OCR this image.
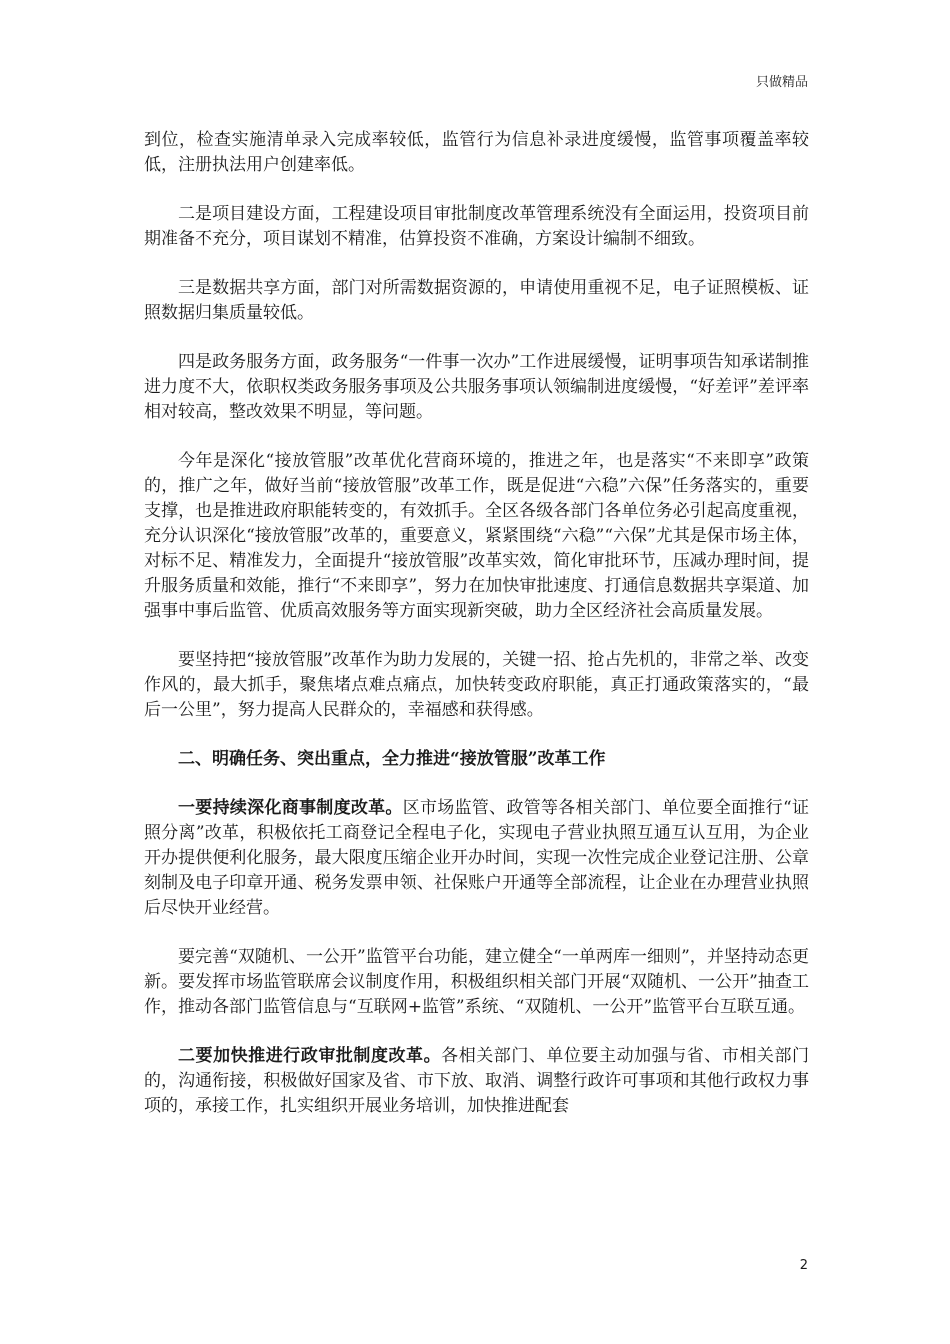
只做精品

到位，检查实施清单录入完成率较低，监管行为信息补录进度缓慢，监管事项覆盖率较低，注册执法用户创建率低。

二是项目建设方面，工程建设项目审批制度改革管理系统没有全面运用，投资项目前期准备不充分，项目谋划不精准，估算投资不准确，方案设计编制不细致。

三是数据共享方面，部门对所需数据资源的，申请使用重视不足，电子证照模板、证照数据归集质量较低。

四是政务服务方面，政务服务“一件事一次办”工作进展缓慢，证明事项告知承诺制推进力度不大，依职权类政务服务事项及公共服务事项认领编制进度缓慢，“好差评”差评率相对较高，整改效果不明显，等问题。

今年是深化“接放管服”改革优化营商环境的，推进之年，也是落实“不来即享”政策的，推广之年，做好当前“接放管服”改革工作，既是促进“六稳”六保”任务落实的，重要支撑，也是推进政府职能转变的，有效抓手。全区各级各部门各单位务必引起高度重视，充分认识深化“接放管服”改革的，重要意义，紧紧围绕“六稳”“六保”尤其是保市场主体，对标不足、精准发力，全面提升“接放管服”改革实效，简化审批环节，压减办理时间，提升服务质量和效能，推行“不来即享”，努力在加快审批速度、打通信息数据共享渠道、加强事中事后监管、优质高效服务等方面实现新突破，助力全区经济社会高质量发展。

要坚持把“接放管服”改革作为助力发展的，关键一招、抢占先机的，非常之举、改变作风的，最大抓手，聚焦堵点难点痛点，加快转变政府职能，真正打通政策落实的，“最后一公里”，努力提高人民群众的，幸福感和获得感。

二、明确任务、突出重点，全力推进“接放管服”改革工作

一要持续深化商事制度改革。区市场监管、政管等各相关部门、单位要全面推行“证照分离”改革，积极依托工商登记全程电子化，实现电子营业执照互通互认互用，为企业开办提供便利化服务，最大限度压缩企业开办时间，实现一次性完成企业登记注册、公章刻制及电子印章开通、税务发票申领、社保账户开通等全部流程，让企业在办理营业执照后尽快开业经营。

要完善“双随机、一公开”监管平台功能，建立健全“一单两库一细则”，并坚持动态更新。要发挥市场监管联席会议制度作用，积极组织相关部门开展“双随机、一公开”抽查工作，推动各部门监管信息与“互联网+监管”系统、“双随机、一公开”监管平台互联互通。

二要加快推进行政审批制度改革。各相关部门、单位要主动加强与省、市相关部门的，沟通衔接，积极做好国家及省、市下放、取消、调整行政许可事项和其他行政权力事项的，承接工作，扎实组织开展业务培训，加快推进配套

2
